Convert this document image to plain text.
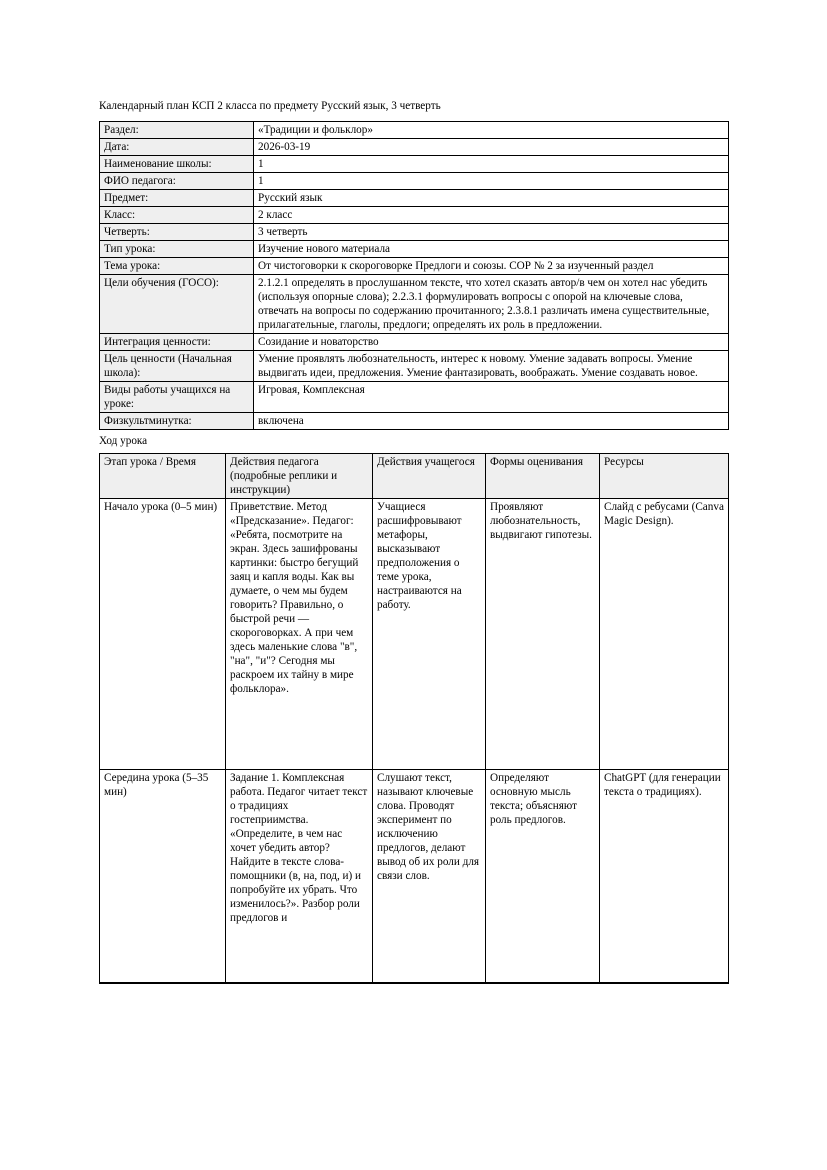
Календарный план КСП 2 класса по предмету Русский язык, 3 четверть

Раздел:	«Традиции и фольклор»
Дата:	2026-03-19
Наименование школы:	1
ФИО педагога:	1
Предмет:	Русский язык
Класс:	2 класс
Четверть:	3 четверть
Тип урока:	Изучение нового материала
Тема урока:	От чистоговорки к скороговорке Предлоги и союзы. СОР № 2 за изученный раздел
Цели обучения (ГОСО):	2.1.2.1 определять в прослушанном тексте, что хотел сказать автор/в чем он хотел нас убедить (используя опорные слова); 2.2.3.1 формулировать вопросы с опорой на ключевые слова, отвечать на вопросы по содержанию прочитанного; 2.3.8.1 различать имена существительные, прилагательные, глаголы, предлоги; определять их роль в предложении.
Интеграция ценности:	Созидание и новаторство
Цель ценности (Начальная школа):	Умение проявлять любознательность, интерес к новому. Умение задавать вопросы. Умение выдвигать идеи, предложения. Умение фантазировать, воображать. Умение создавать новое.
Виды работы учащихся на уроке:	Игровая, Комплексная
Физкультминутка:	включена

Ход урока

Этап урока / Время	Действия педагога (подробные реплики и инструкции)	Действия учащегося	Формы оценивания	Ресурсы
Начало урока (0–5 мин)	Приветствие. Метод «Предсказание». Педагог: «Ребята, посмотрите на экран. Здесь зашифрованы картинки: быстро бегущий заяц и капля воды. Как вы думаете, о чем мы будем говорить? Правильно, о быстрой речи — скороговорках. А при чем здесь маленькие слова "в", "на", "и"? Сегодня мы раскроем их тайну в мире фольклора».	Учащиеся расшифровывают метафоры, высказывают предположения о теме урока, настраиваются на работу.	Проявляют любознательность, выдвигают гипотезы.	Слайд с ребусами (Canva Magic Design).
Середина урока (5–35 мин)	Задание 1. Комплексная работа. Педагог читает текст о традициях гостеприимства. «Определите, в чем нас хочет убедить автор? Найдите в тексте слова-помощники (в, на, под, и) и попробуйте их убрать. Что изменилось?». Разбор роли предлогов и	Слушают текст, называют ключевые слова. Проводят эксперимент по исключению предлогов, делают вывод об их роли для связи слов.	Определяют основную мысль текста; объясняют роль предлогов.	ChatGPT (для генерации текста о традициях).
